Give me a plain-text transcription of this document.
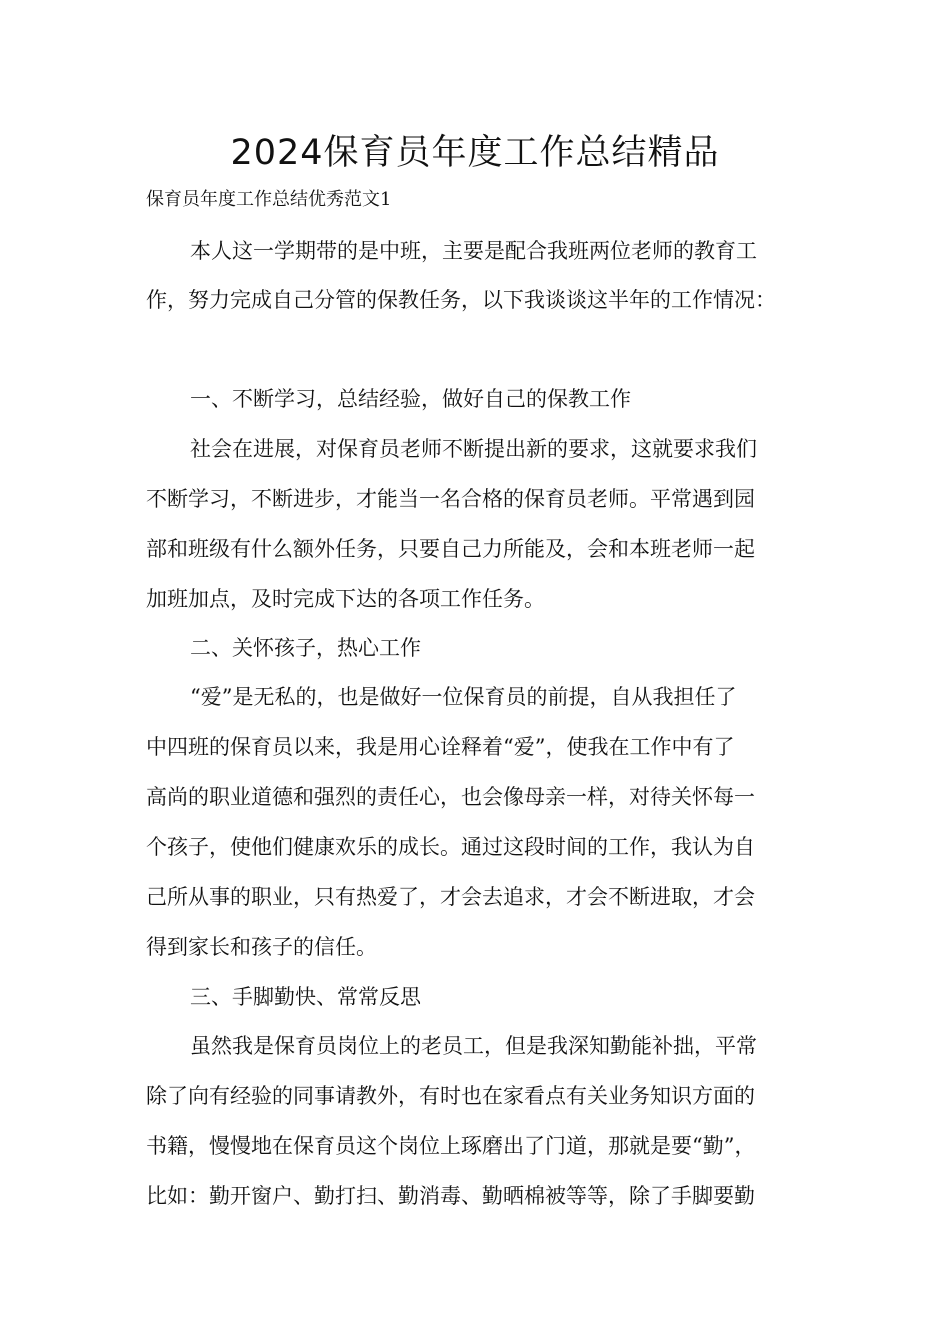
2024保育员年度工作总结精品
保育员年度工作总结优秀范文1
本人这一学期带的是中班，主要是配合我班两位老师的教育工
作，努力完成自己分管的保教任务，以下我谈谈这半年的工作情况：
一、不断学习，总结经验，做好自己的保教工作
社会在进展，对保育员老师不断提出新的要求，这就要求我们
不断学习，不断进步，才能当一名合格的保育员老师。平常遇到园
部和班级有什么额外任务，只要自己力所能及，会和本班老师一起
加班加点，及时完成下达的各项工作任务。
二、关怀孩子，热心工作
“爱”是无私的，也是做好一位保育员的前提，自从我担任了
中四班的保育员以来，我是用心诠释着“爱”，使我在工作中有了
高尚的职业道德和强烈的责任心，也会像母亲一样，对待关怀每一
个孩子，使他们健康欢乐的成长。通过这段时间的工作，我认为自
己所从事的职业，只有热爱了，才会去追求，才会不断进取，才会
得到家长和孩子的信任。
三、手脚勤快、常常反思
虽然我是保育员岗位上的老员工，但是我深知勤能补拙，平常
除了向有经验的同事请教外，有时也在家看点有关业务知识方面的
书籍，慢慢地在保育员这个岗位上琢磨出了门道，那就是要“勤”，
比如：勤开窗户、勤打扫、勤消毒、勤晒棉被等等，除了手脚要勤
